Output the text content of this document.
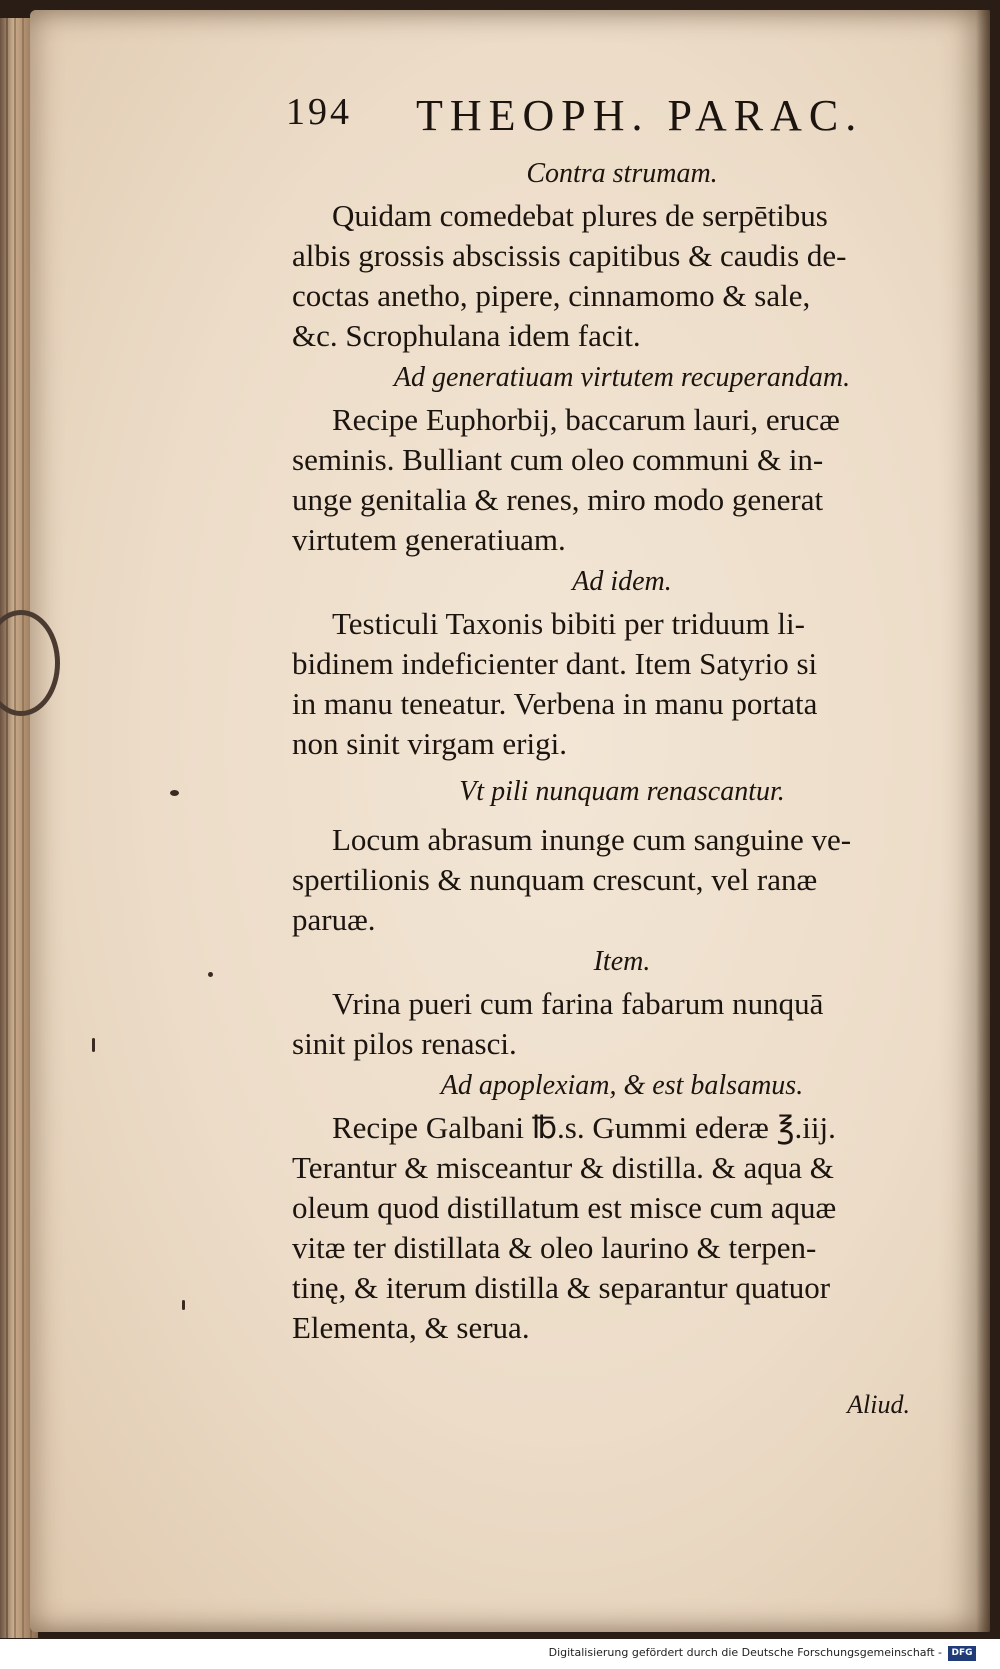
194 THEOPH. PARAC.

Contra strumam.

Quidam comedebat plures de serpētibus
albis grossis abscissis capitibus & caudis de-
coctas anetho, pipere, cinnamomo & sale,
&c. Scrophulana idem facit.

Ad generatiuam virtutem recuperandam.

Recipe Euphorbij, baccarum lauri, erucæ
seminis. Bulliant cum oleo communi & in-
unge genitalia & renes, miro modo generat
virtutem generatiuam.

Ad idem.

Testiculi Taxonis bibiti per triduum li-
bidinem indeficienter dant. Item Satyrio si
in manu teneatur. Verbena in manu portata
non sinit virgam erigi.

Vt pili nunquam renascantur.

Locum abrasum inunge cum sanguine ve-
spertilionis & nunquam crescunt, vel ranæ
paruæ.

Item.

Vrina pueri cum farina fabarum nunquā
sinit pilos renasci.

Ad apoplexiam, & est balsamus.

Recipe Galbani ℔.s. Gummi ederæ ℥.iij.
Terantur & misceantur & distilla. & aqua &
oleum quod distillatum est misce cum aquæ
vitæ ter distillata & oleo laurino & terpen-
tinę, & iterum distilla & separantur quatuor
Elementa, & serua.

Aliud.
Digitalisierung gefördert durch die Deutsche Forschungsgemeinschaft -	DFG
